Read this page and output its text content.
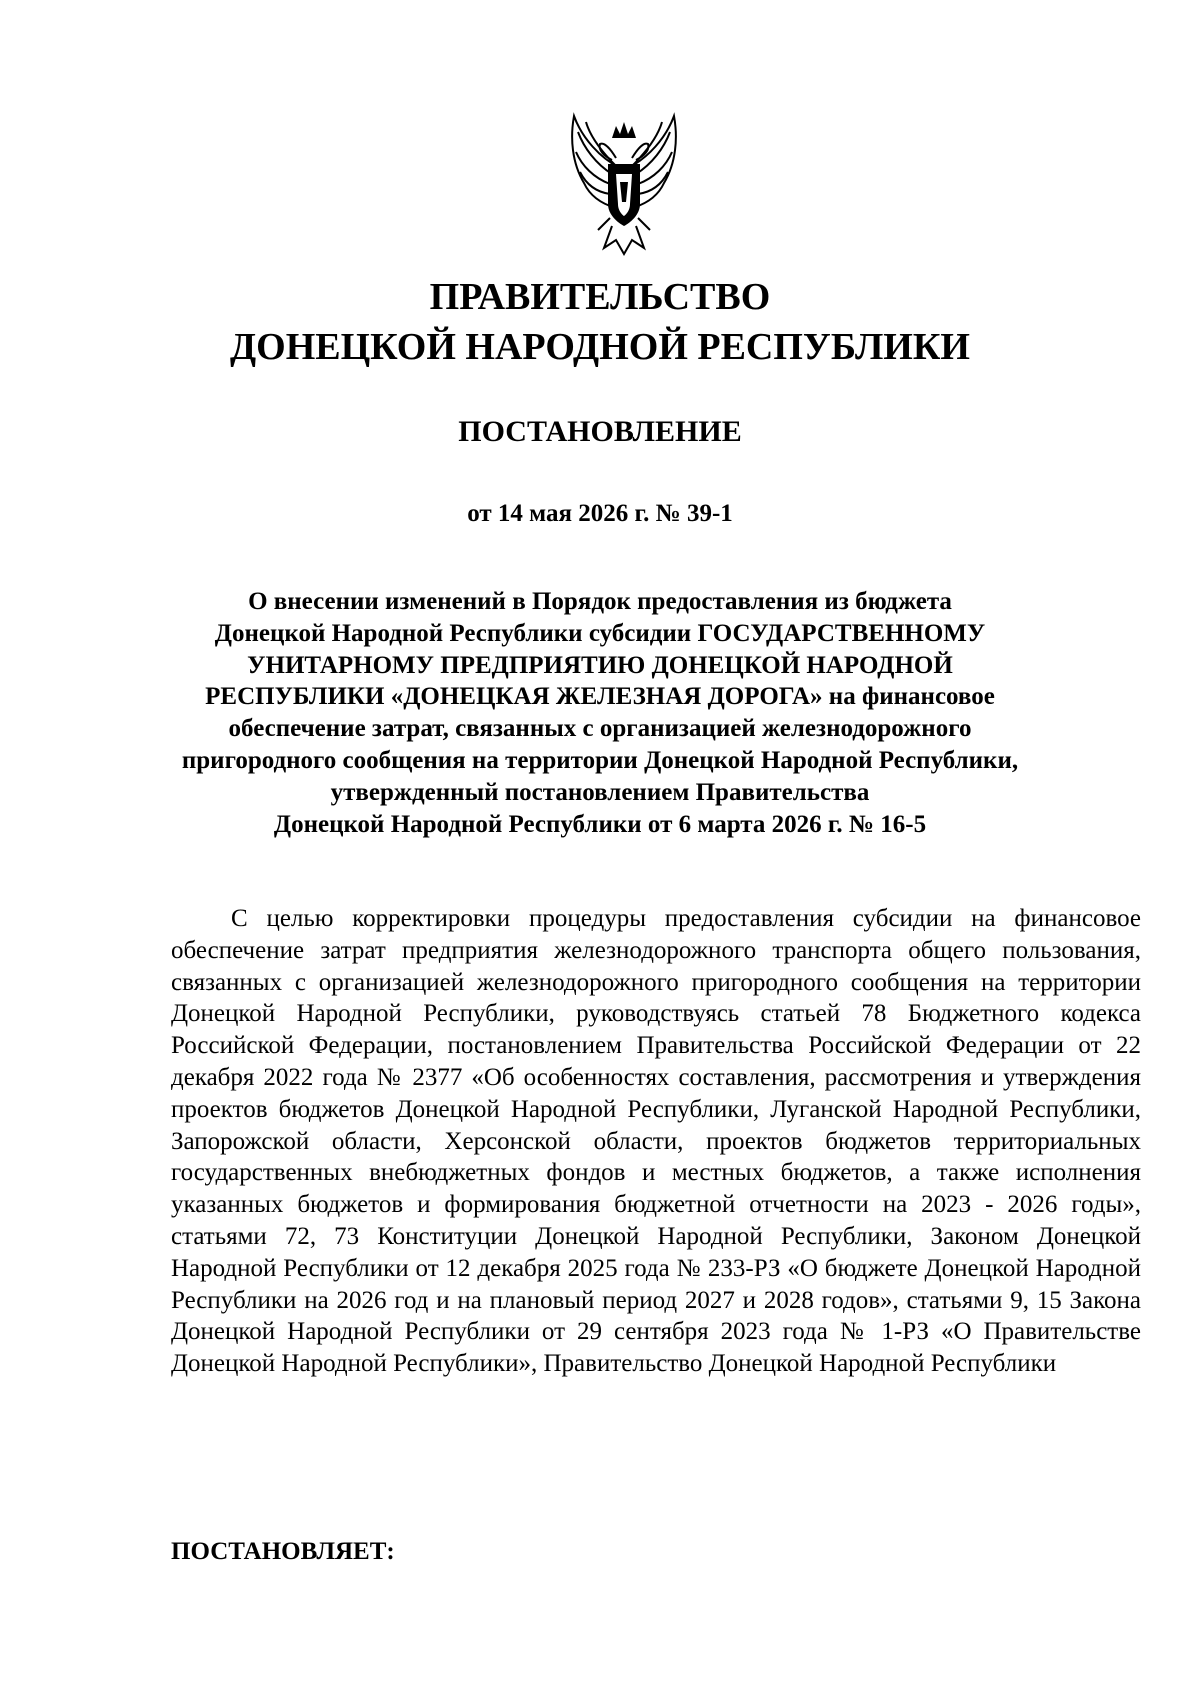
ПРАВИТЕЛЬСТВО
ДОНЕЦКОЙ НАРОДНОЙ РЕСПУБЛИКИ
ПОСТАНОВЛЕНИЕ
от 14 мая 2026 г. № 39-1
О внесении изменений в Порядок предоставления из бюджета
Донецкой Народной Республики субсидии ГОСУДАРСТВЕННОМУ
УНИТАРНОМУ ПРЕДПРИЯТИЮ ДОНЕЦКОЙ НАРОДНОЙ
РЕСПУБЛИКИ «ДОНЕЦКАЯ ЖЕЛЕЗНАЯ ДОРОГА» на финансовое
обеспечение затрат, связанных с организацией железнодорожного
пригородного сообщения на территории Донецкой Народной Республики,
утвержденный постановлением Правительства
Донецкой Народной Республики от 6 марта 2026 г. № 16-5

С целью корректировки процедуры предоставления субсидии на финансовое обеспечение затрат предприятия железнодорожного транспорта общего пользования, связанных с организацией железнодорожного пригородного сообщения на территории Донецкой Народной Республики, руководствуясь статьей 78 Бюджетного кодекса Российской Федерации, постановлением Правительства Российской Федерации от 22 декабря 2022 года № 2377 «Об особенностях составления, рассмотрения и утверждения проектов бюджетов Донецкой Народной Республики, Луганской Народной Республики, Запорожской области, Херсонской области, проектов бюджетов территориальных государственных внебюджетных фондов и местных бюджетов, а также исполнения указанных бюджетов и формирования бюджетной отчетности на 2023 - 2026 годы», статьями 72, 73 Конституции Донецкой Народной Республики, Законом Донецкой Народной Республики от 12 декабря 2025 года № 233-РЗ «О бюджете Донецкой Народной Республики на 2026 год и на плановый период 2027 и 2028 годов», статьями 9, 15 Закона Донецкой Народной Республики от 29 сентября 2023 года № 1-РЗ «О Правительстве Донецкой Народной Республики», Правительство Донецкой Народной Республики

ПОСТАНОВЛЯЕТ:
